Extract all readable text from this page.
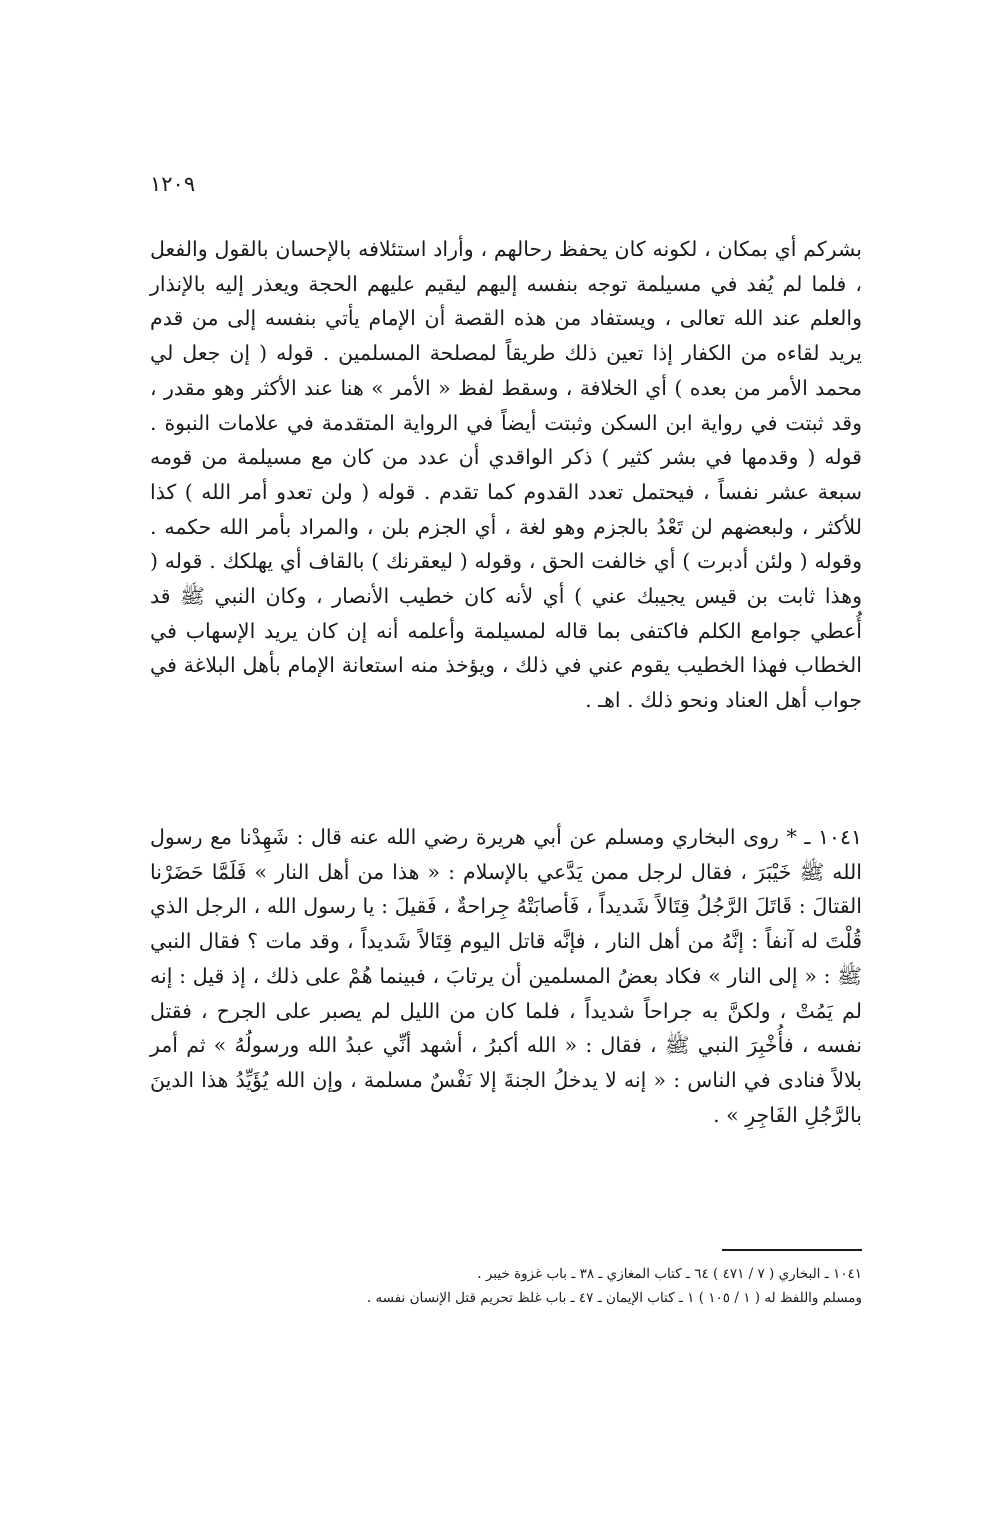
١٢٠٩

بشركم أي بمكان ، لكونه كان يحفظ رحالهم ، وأراد استئلافه بالإحسان بالقول والفعل ، فلما لم يُفد في مسيلمة توجه بنفسه إليهم ليقيم عليهم الحجة ويعذر إليه بالإنذار والعلم عند الله تعالى ، ويستفاد من هذه القصة أن الإمام يأتي بنفسه إلى من قدم يريد لقاءه من الكفار إذا تعين ذلك طريقاً لمصلحة المسلمين . قوله ( إن جعل لي محمد الأمر من بعده ) أي الخلافة ، وسقط لفظ « الأمر » هنا عند الأكثر وهو مقدر ، وقد ثبتت في رواية ابن السكن وثبتت أيضاً في الرواية المتقدمة في علامات النبوة . قوله ( وقدمها في بشر كثير ) ذكر الواقدي أن عدد من كان مع مسيلمة من قومه سبعة عشر نفساً ، فيحتمل تعدد القدوم كما تقدم . قوله ( ولن تعدو أمر الله ) كذا للأكثر ، ولبعضهم لن تَعْدُ بالجزم وهو لغة ، أي الجزم بلن ، والمراد بأمر الله حكمه . وقوله ( ولئن أدبرت ) أي خالفت الحق ، وقوله ( ليعقرنك ) بالقاف أي يهلكك . قوله ( وهذا ثابت بن قيس يجيبك عني ) أي لأنه كان خطيب الأنصار ، وكان النبي ﷺ قد أُعطي جوامع الكلم فاكتفى بما قاله لمسيلمة وأعلمه أنه إن كان يريد الإسهاب في الخطاب فهذا الخطيب يقوم عني في ذلك ، ويؤخذ منه استعانة الإمام بأهل البلاغة في جواب أهل العناد ونحو ذلك . اهـ .

١٠٤١ ـ * روى البخاري ومسلم عن أبي هريرة رضي الله عنه قال : شَهِدْنا مع رسول الله ﷺ خَيْبَرَ ، فقال لرجل ممن يَدَّعي بالإسلام : « هذا من أهل النار » فَلَمَّا حَضَرْنا القتالَ : قَاتَلَ الرَّجُلُ قِتَالاً شَديداً ، فَأصابَتْهُ جِراحةٌ ، فَقيلَ : يا رسول الله ، الرجل الذي قُلْتَ له آنفاً : إنَّهُ من أهل النار ، فإنَّه قاتل اليوم قِتَالاً شَديداً ، وقد مات ؟ فقال النبي ﷺ : « إلى النار » فكاد بعضُ المسلمين أن يرتابَ ، فبينما هُمْ على ذلك ، إذ قيل : إنه لم يَمُتْ ، ولكنَّ به جراحاً شديداً ، فلما كان من الليل لم يصبر على الجرح ، فقتل نفسه ، فأُخْبِرَ النبي ﷺ ، فقال : « الله أكبرُ ، أشهد أنِّي عبدُ الله ورسولُهُ » ثم أمر بلالاً فنادى في الناس : « إنه لا يدخلُ الجنةَ إلا نَفْسٌ مسلمة ، وإن الله يُؤَيِّدُ هذا الدينَ بالرَّجُلِ الفَاجِرِ » .

١٠٤١ ـ البخاري ( ٧ / ٤٧١ ) ٦٤ ـ كتاب المغازي ـ ٣٨ ـ باب غزوة خيبر .

ومسلم واللفظ له ( ١ / ١٠٥ ) ١ ـ كتاب الإيمان ـ ٤٧ ـ باب غلظ تحريم قتل الإنسان نفسه .
